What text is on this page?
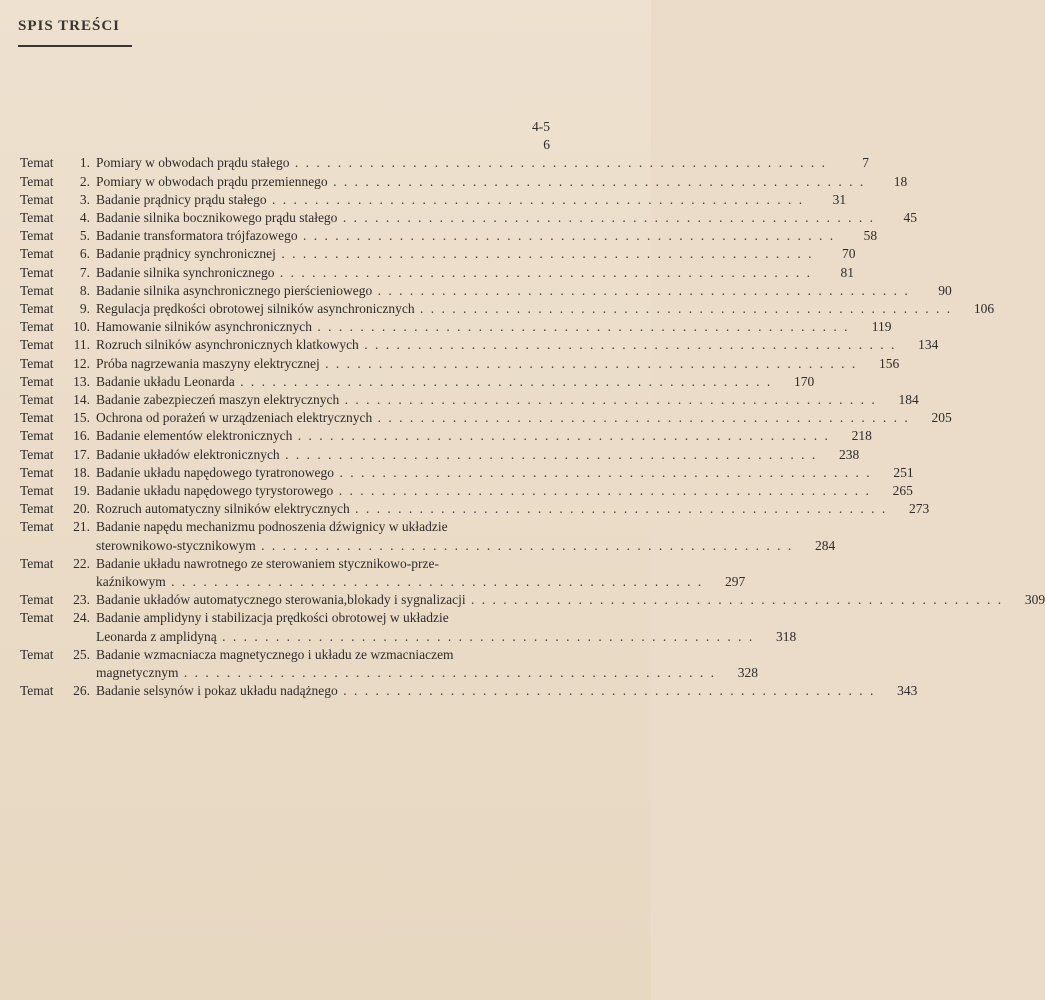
SPIS TREŚCI
4-5
6
Temat 1. Pomiary w obwodach prądu stałego . . . . . . . . . . . . . . . . . . . . . . . . . . . . . . . . . . . . . . . . . . . . . . . . . .	7
Temat 2. Pomiary w obwodach prądu przemiennego . . . . . . . . . . . . . . . . . . . . . . . . . . . . . . . . . . . . . . . . . . . . . . . . . .	18
Temat 3. Badanie prądnicy prądu stałego . . . . . . . . . . . . . . . . . . . . . . . . . . . . . . . . . . . . . . . . . . . . . . . . . .	31
Temat 4. Badanie silnika bocznikowego prądu stałego . . . . . . . . . . . . . . . . . . . . . . . . . . . . . . . . . . . . . . . . . . . . . . . . . .	45
Temat 5. Badanie transformatora trójfazowego . . . . . . . . . . . . . . . . . . . . . . . . . . . . . . . . . . . . . . . . . . . . . . . . . .	58
Temat 6. Badanie prądnicy synchronicznej . . . . . . . . . . . . . . . . . . . . . . . . . . . . . . . . . . . . . . . . . . . . . . . . . .	70
Temat 7. Badanie silnika synchronicznego . . . . . . . . . . . . . . . . . . . . . . . . . . . . . . . . . . . . . . . . . . . . . . . . . .	81
Temat 8. Badanie silnika asynchronicznego pierścieniowego . . . . . . . . . . . . . . . . . . . . . . . . . . . . . . . . . . . . . . . . . . . . . . . . . .	90
Temat 9. Regulacja prędkości obrotowej silników asynchronicznych . . . . . . . . . . . . . . . . . . . . . . . . . . . . . . . . . . . . . . . . . . . . . . . . . .	106
Temat 10. Hamowanie silników asynchronicznych . . . . . . . . . . . . . . . . . . . . . . . . . . . . . . . . . . . . . . . . . . . . . . . . . .	119
Temat 11. Rozruch silników asynchronicznych klatkowych . . . . . . . . . . . . . . . . . . . . . . . . . . . . . . . . . . . . . . . . . . . . . . . . . .	134
Temat 12. Próba nagrzewania maszyny elektrycznej . . . . . . . . . . . . . . . . . . . . . . . . . . . . . . . . . . . . . . . . . . . . . . . . . .	156
Temat 13. Badanie układu Leonarda . . . . . . . . . . . . . . . . . . . . . . . . . . . . . . . . . . . . . . . . . . . . . . . . . .	170
Temat 14. Badanie zabezpieczeń maszyn elektrycznych . . . . . . . . . . . . . . . . . . . . . . . . . . . . . . . . . . . . . . . . . . . . . . . . . .	184
Temat 15. Ochrona od porażeń w urządzeniach elektrycznych . . . . . . . . . . . . . . . . . . . . . . . . . . . . . . . . . . . . . . . . . . . . . . . . . .	205
Temat 16. Badanie elementów elektronicznych . . . . . . . . . . . . . . . . . . . . . . . . . . . . . . . . . . . . . . . . . . . . . . . . . .	218
Temat 17. Badanie układów elektronicznych . . . . . . . . . . . . . . . . . . . . . . . . . . . . . . . . . . . . . . . . . . . . . . . . . .	238
Temat 18. Badanie układu napędowego tyratronowego . . . . . . . . . . . . . . . . . . . . . . . . . . . . . . . . . . . . . . . . . . . . . . . . . .	251
Temat 19. Badanie układu napędowego tyrystorowego . . . . . . . . . . . . . . . . . . . . . . . . . . . . . . . . . . . . . . . . . . . . . . . . . .	265
Temat 20. Rozruch automatyczny silników elektrycznych . . . . . . . . . . . . . . . . . . . . . . . . . . . . . . . . . . . . . . . . . . . . . . . . . .	273
Temat 21. Badanie napędu mechanizmu podnoszenia dźwignicy w układzie
sterownikowo-stycznikowym . . . . . . . . . . . . . . . . . . . . . . . . . . . . . . . . . . . . . . . . . . . . . . . . . .	284
Temat 22. Badanie układu nawrotnego ze sterowaniem stycznikowo-prze-
kaźnikowym . . . . . . . . . . . . . . . . . . . . . . . . . . . . . . . . . . . . . . . . . . . . . . . . . .	297
Temat 23. Badanie układów automatycznego sterowania,blokady i sygnalizacji . . . . . . . . . . . . . . . . . . . . . . . . . . . . . . . . . . . . . . . . . . . . . . . . . .	309
Temat 24. Badanie amplidyny i stabilizacja prędkości obrotowej w układzie
Leonarda z amplidyną . . . . . . . . . . . . . . . . . . . . . . . . . . . . . . . . . . . . . . . . . . . . . . . . . .	318
Temat 25. Badanie wzmacniacza magnetycznego i układu ze wzmacniaczem
magnetycznym . . . . . . . . . . . . . . . . . . . . . . . . . . . . . . . . . . . . . . . . . . . . . . . . . .	328
Temat 26. Badanie selsynów i pokaz układu nadążnego . . . . . . . . . . . . . . . . . . . . . . . . . . . . . . . . . . . . . . . . . . . . . . . . . .	343
